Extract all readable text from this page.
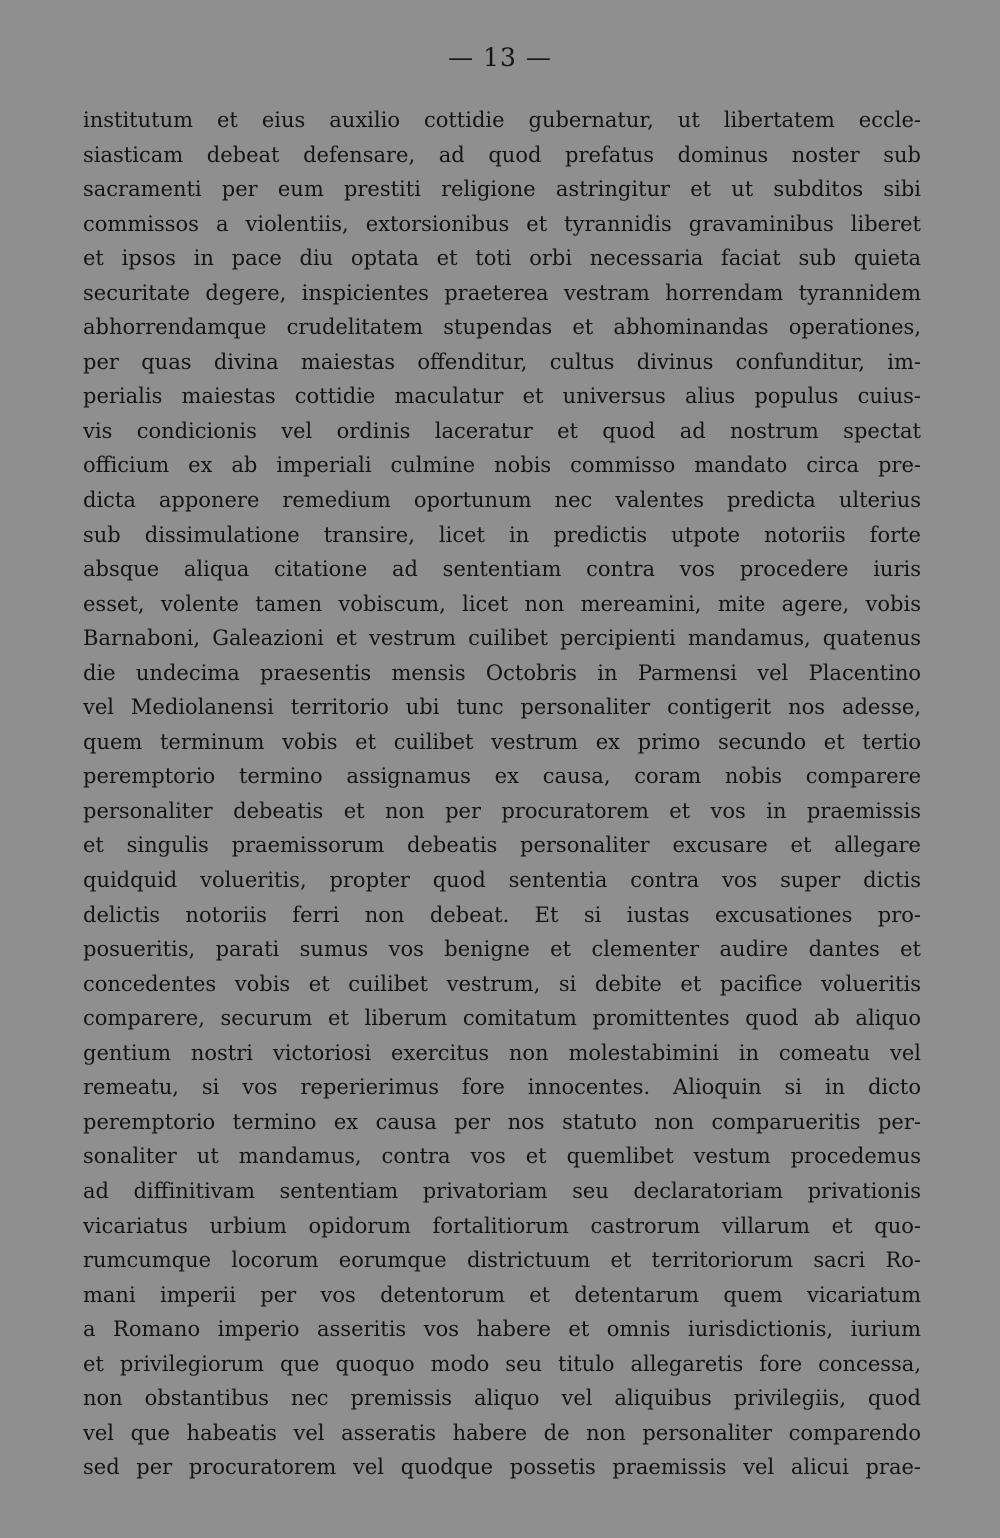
— 13 —
institutum et eius auxilio cottidie gubernatur, ut libertatem eccle-
siasticam debeat defensare, ad quod prefatus dominus noster sub
sacramenti per eum prestiti religione astringitur et ut subditos sibi
commissos a violentiis, extorsionibus et tyrannidis gravaminibus liberet
et ipsos in pace diu optata et toti orbi necessaria faciat sub quieta
securitate degere, inspicientes praeterea vestram horrendam tyrannidem
abhorrendamque crudelitatem stupendas et abhominandas operationes,
per quas divina maiestas offenditur, cultus divinus confunditur, im-
perialis maiestas cottidie maculatur et universus alius populus cuius-
vis condicionis vel ordinis laceratur et quod ad nostrum spectat
officium ex ab imperiali culmine nobis commisso mandato circa pre-
dicta apponere remedium oportunum nec valentes predicta ulterius
sub dissimulatione transire, licet in predictis utpote notoriis forte
absque aliqua citatione ad sententiam contra vos procedere iuris
esset, volente tamen vobiscum, licet non mereamini, mite agere, vobis
Barnaboni, Galeazioni et vestrum cuilibet percipienti mandamus, quatenus
die undecima praesentis mensis Octobris in Parmensi vel Placentino
vel Mediolanensi territorio ubi tunc personaliter contigerit nos adesse,
quem terminum vobis et cuilibet vestrum ex primo secundo et tertio
peremptorio termino assignamus ex causa, coram nobis comparere
personaliter debeatis et non per procuratorem et vos in praemissis
et singulis praemissorum debeatis personaliter excusare et allegare
quidquid volueritis, propter quod sententia contra vos super dictis
delictis notoriis ferri non debeat. Et si iustas excusationes pro-
posueritis, parati sumus vos benigne et clementer audire dantes et
concedentes vobis et cuilibet vestrum, si debite et pacifice volueritis
comparere, securum et liberum comitatum promittentes quod ab aliquo
gentium nostri victoriosi exercitus non molestabimini in comeatu vel
remeatu, si vos reperierimus fore innocentes. Alioquin si in dicto
peremptorio termino ex causa per nos statuto non comparueritis per-
sonaliter ut mandamus, contra vos et quemlibet vestum procedemus
ad diffinitivam sententiam privatoriam seu declaratoriam privationis
vicariatus urbium opidorum fortalitiorum castrorum villarum et quo-
rumcumque locorum eorumque districtuum et territoriorum sacri Ro-
mani imperii per vos detentorum et detentarum quem vicariatum
a Romano imperio asseritis vos habere et omnis iurisdictionis, iurium
et privilegiorum que quoquo modo seu titulo allegaretis fore concessa,
non obstantibus nec premissis aliquo vel aliquibus privilegiis, quod
vel que habeatis vel asseratis habere de non personaliter comparendo
sed per procuratorem vel quodque possetis praemissis vel alicui prae-
